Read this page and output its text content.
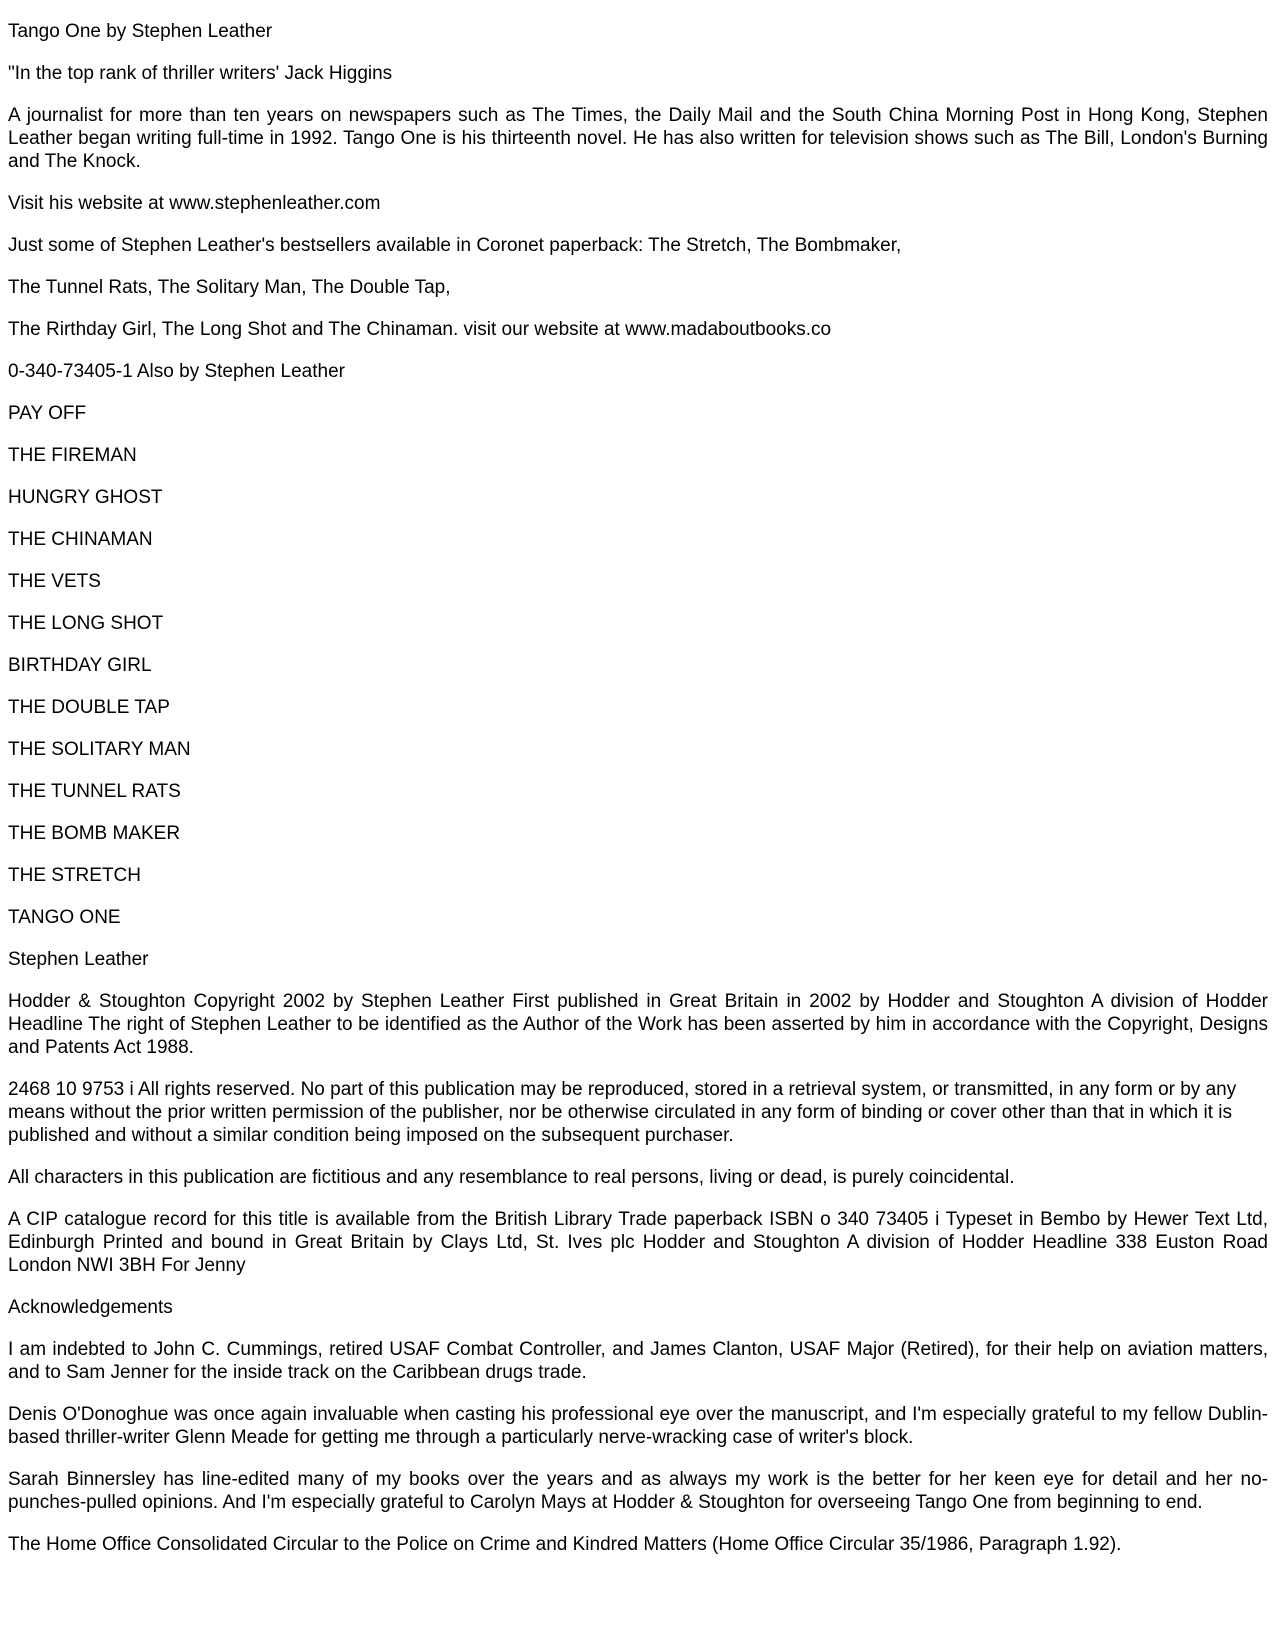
Tango One by Stephen Leather

"In the top rank of thriller writers' Jack Higgins

A journalist for more than ten years on newspapers such as The Times, the Daily Mail and the South China Morning Post in Hong Kong, Stephen Leather began writing full-time in 1992. Tango One is his thirteenth novel. He has also written for television shows such as The Bill, London's Burning and The Knock.

Visit his website at www.stephenleather.com

Just some of Stephen Leather's bestsellers available in Coronet paperback: The Stretch, The Bombmaker,

The Tunnel Rats, The Solitary Man, The Double Tap,

The Rirthday Girl, The Long Shot and The Chinaman. visit our website at www.madaboutbooks.co

0-340-73405-1 Also by Stephen Leather

PAY OFF

THE FIREMAN

HUNGRY GHOST

THE CHINAMAN

THE VETS

THE LONG SHOT

BIRTHDAY GIRL

THE DOUBLE TAP

THE SOLITARY MAN

THE TUNNEL RATS

THE BOMB MAKER

THE STRETCH

TANGO ONE

Stephen Leather

Hodder & Stoughton Copyright 2002 by Stephen Leather First published in Great Britain in 2002 by Hodder and Stoughton A division of Hodder Headline The right of Stephen Leather to be identified as the Author of the Work has been asserted by him in accordance with the Copyright, Designs and Patents Act 1988.

2468 10 9753 i All rights reserved. No part of this publication may be reproduced, stored in a retrieval system, or transmitted, in any form or by any means without the prior written permission of the publisher, nor be otherwise circulated in any form of binding or cover other than that in which it is published and without a similar condition being imposed on the subsequent purchaser.

All characters in this publication are fictitious and any resemblance to real persons, living or dead, is purely coincidental.

A CIP catalogue record for this title is available from the British Library Trade paperback ISBN o 340 73405 i Typeset in Bembo by Hewer Text Ltd, Edinburgh Printed and bound in Great Britain by Clays Ltd, St. Ives plc Hodder and Stoughton A division of Hodder Headline 338 Euston Road London NWI 3BH For Jenny

Acknowledgements

I am indebted to John C. Cummings, retired USAF Combat Controller, and James Clanton, USAF Major (Retired), for their help on aviation matters, and to Sam Jenner for the inside track on the Caribbean drugs trade.

Denis O'Donoghue was once again invaluable when casting his professional eye over the manuscript, and I'm especially grateful to my fellow Dublin-based thriller-writer Glenn Meade for getting me through a particularly nerve-wracking case of writer's block.

Sarah Binnersley has line-edited many of my books over the years and as always my work is the better for her keen eye for detail and her no-punches-pulled opinions. And I'm especially grateful to Carolyn Mays at Hodder & Stoughton for overseeing Tango One from beginning to end.

The Home Office Consolidated Circular to the Police on Crime and Kindred Matters (Home Office Circular 35/1986, Paragraph 1.92).
